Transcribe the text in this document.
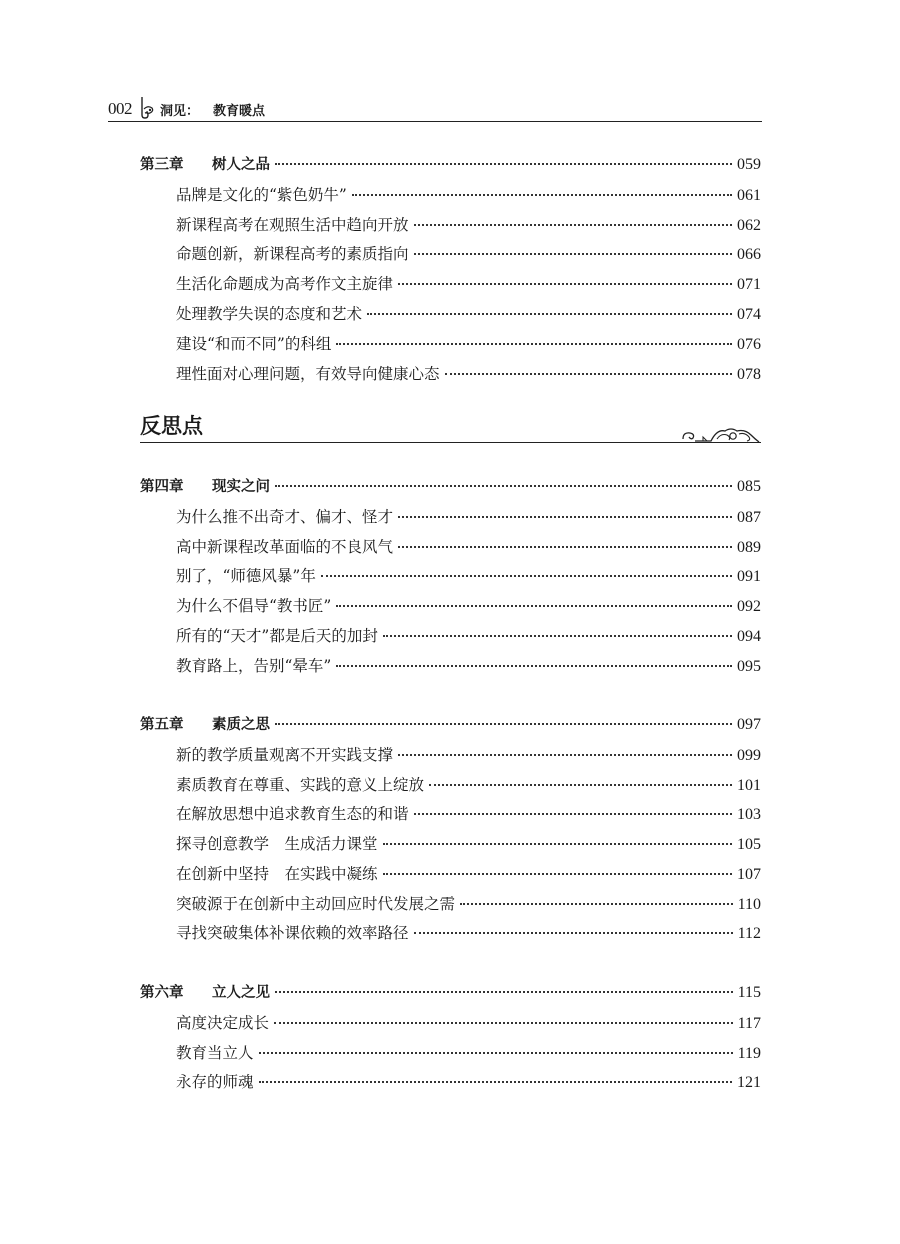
002 洞见： 教育暖点
第三章 树人之品	059
品牌是文化的“紫色奶牛”	061
新课程高考在观照生活中趋向开放	062
命题创新，新课程高考的素质指向	066
生活化命题成为高考作文主旋律	071
处理教学失误的态度和艺术	074
建设“和而不同”的科组	076
理性面对心理问题，有效导向健康心态	078
反思点
第四章 现实之问	085
为什么推不出奇才、偏才、怪才	087
高中新课程改革面临的不良风气	089
别了，“师德风暴”年	091
为什么不倡导“教书匠”	092
所有的“天才”都是后天的加封	094
教育路上，告别“晕车”	095
第五章 素质之思	097
新的教学质量观离不开实践支撑	099
素质教育在尊重、实践的意义上绽放	101
在解放思想中追求教育生态的和谐	103
探寻创意教学　生成活力课堂	105
在创新中坚持　在实践中凝练	107
突破源于在创新中主动回应时代发展之需	110
寻找突破集体补课依赖的效率路径	112
第六章 立人之见	115
高度决定成长	117
教育当立人	119
永存的师魂	121
